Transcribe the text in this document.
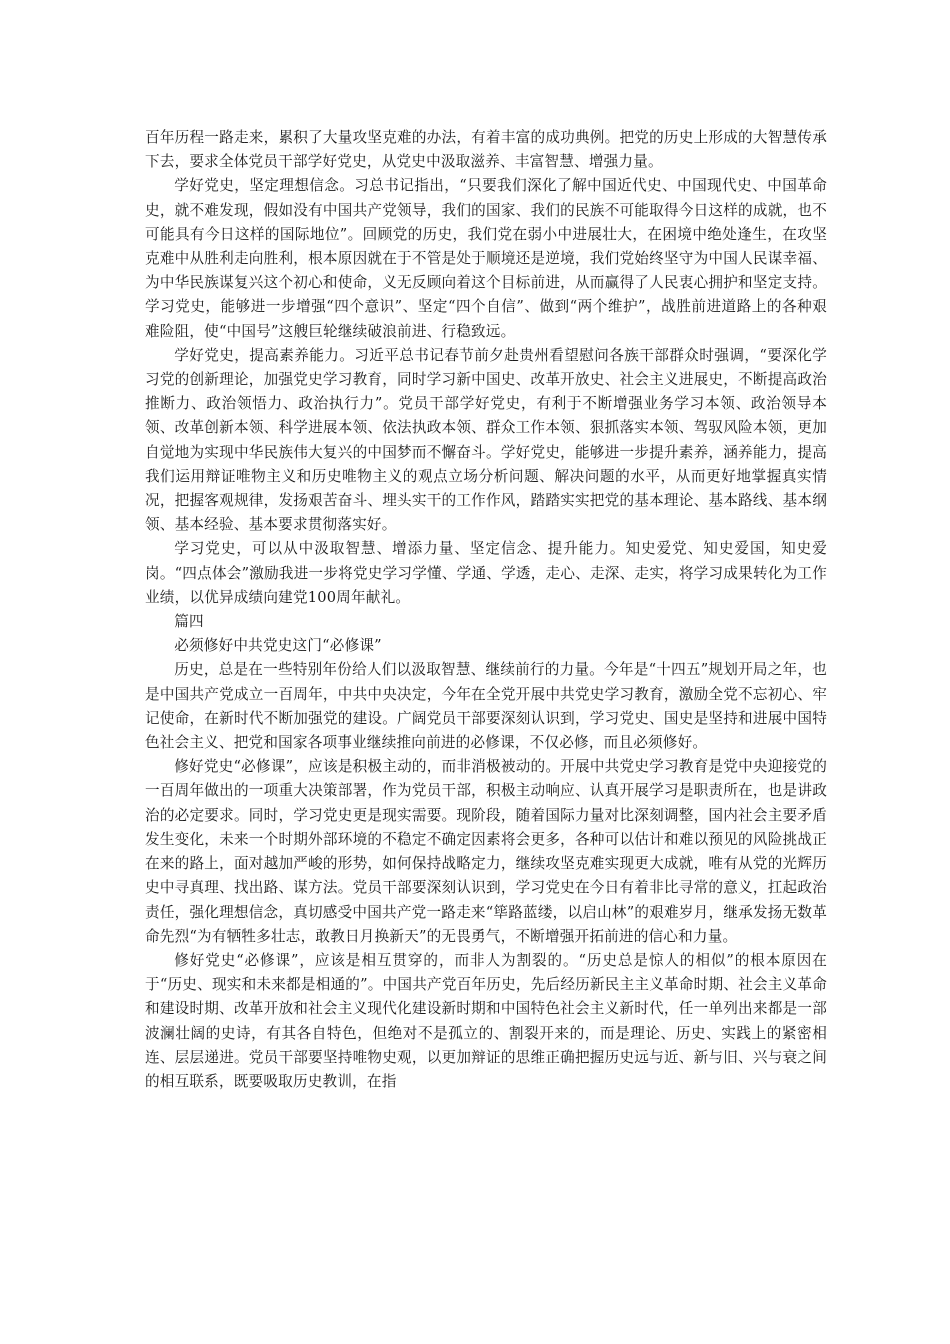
百年历程一路走来，累积了大量攻坚克难的办法，有着丰富的成功典例。把党的历史上形成的大智慧传承下去，要求全体党员干部学好党史，从党史中汲取滋养、丰富智慧、增强力量。

学好党史，坚定理想信念。习总书记指出，“只要我们深化了解中国近代史、中国现代史、中国革命史，就不难发现，假如没有中国共产党领导，我们的国家、我们的民族不可能取得今日这样的成就，也不可能具有今日这样的国际地位”。回顾党的历史，我们党在弱小中进展壮大，在困境中绝处逢生，在攻坚克难中从胜利走向胜利，根本原因就在于不管是处于顺境还是逆境，我们党始终坚守为中国人民谋幸福、为中华民族谋复兴这个初心和使命，义无反顾向着这个目标前进，从而赢得了人民衷心拥护和坚定支持。学习党史，能够进一步增强“四个意识”、坚定“四个自信”、做到“两个维护”，战胜前进道路上的各种艰难险阻，使“中国号”这艘巨轮继续破浪前进、行稳致远。

学好党史，提高素养能力。习近平总书记春节前夕赴贵州看望慰问各族干部群众时强调，“要深化学习党的创新理论，加强党史学习教育，同时学习新中国史、改革开放史、社会主义进展史，不断提高政治推断力、政治领悟力、政治执行力”。党员干部学好党史，有利于不断增强业务学习本领、政治领导本领、改革创新本领、科学进展本领、依法执政本领、群众工作本领、狠抓落实本领、驾驭风险本领，更加自觉地为实现中华民族伟大复兴的中国梦而不懈奋斗。学好党史，能够进一步提升素养，涵养能力，提高我们运用辩证唯物主义和历史唯物主义的观点立场分析问题、解决问题的水平，从而更好地掌握真实情况，把握客观规律，发扬艰苦奋斗、埋头实干的工作作风，踏踏实实把党的基本理论、基本路线、基本纲领、基本经验、基本要求贯彻落实好。

学习党史，可以从中汲取智慧、增添力量、坚定信念、提升能力。知史爱党、知史爱国，知史爱岗。“四点体会”激励我进一步将党史学习学懂、学通、学透，走心、走深、走实，将学习成果转化为工作业绩，以优异成绩向建党100周年献礼。

篇四

必须修好中共党史这门“必修课”

历史，总是在一些特别年份给人们以汲取智慧、继续前行的力量。今年是“十四五”规划开局之年，也是中国共产党成立一百周年，中共中央决定，今年在全党开展中共党史学习教育，激励全党不忘初心、牢记使命，在新时代不断加强党的建设。广阔党员干部要深刻认识到，学习党史、国史是坚持和进展中国特色社会主义、把党和国家各项事业继续推向前进的必修课，不仅必修，而且必须修好。

修好党史“必修课”，应该是积极主动的，而非消极被动的。开展中共党史学习教育是党中央迎接党的一百周年做出的一项重大决策部署，作为党员干部，积极主动响应、认真开展学习是职责所在，也是讲政治的必定要求。同时，学习党史更是现实需要。现阶段，随着国际力量对比深刻调整，国内社会主要矛盾发生变化，未来一个时期外部环境的不稳定不确定因素将会更多，各种可以估计和难以预见的风险挑战正在来的路上，面对越加严峻的形势，如何保持战略定力，继续攻坚克难实现更大成就，唯有从党的光辉历史中寻真理、找出路、谋方法。党员干部要深刻认识到，学习党史在今日有着非比寻常的意义，扛起政治责任，强化理想信念，真切感受中国共产党一路走来“筚路蓝缕，以启山林”的艰难岁月，继承发扬无数革命先烈“为有牺牲多壮志，敢教日月换新天”的无畏勇气，不断增强开拓前进的信心和力量。

修好党史“必修课”，应该是相互贯穿的，而非人为割裂的。“历史总是惊人的相似”的根本原因在于“历史、现实和未来都是相通的”。中国共产党百年历史，先后经历新民主主义革命时期、社会主义革命和建设时期、改革开放和社会主义现代化建设新时期和中国特色社会主义新时代，任一单列出来都是一部波澜壮阔的史诗，有其各自特色，但绝对不是孤立的、割裂开来的，而是理论、历史、实践上的紧密相连、层层递进。党员干部要坚持唯物史观，以更加辩证的思维正确把握历史远与近、新与旧、兴与衰之间的相互联系，既要吸取历史教训，在指
